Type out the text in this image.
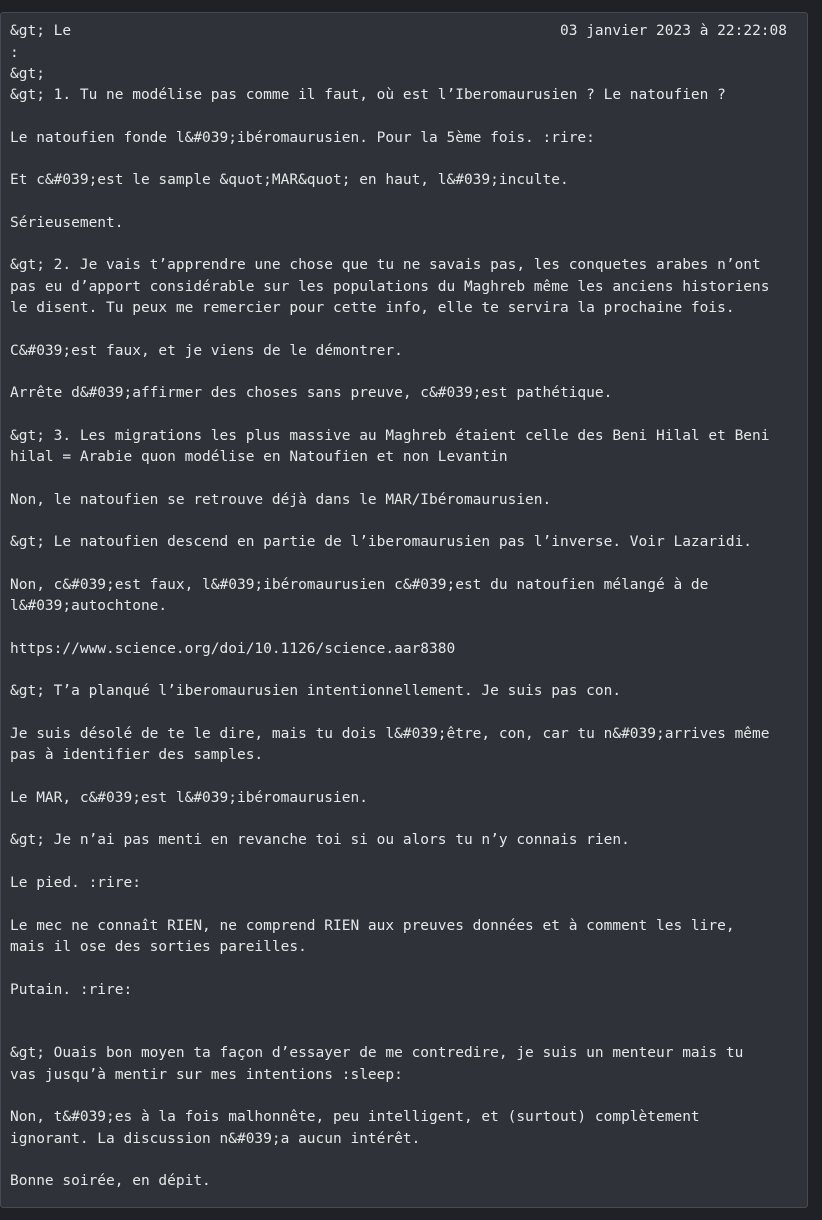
&gt; Le	03 janvier 2023 à 22:22:08
:
&gt;
&gt; 1. Tu ne modélise pas comme il faut, où est l’Iberomaurusien ? Le natoufien ?
Le natoufien fonde l&#039;ibéromaurusien. Pour la 5ème fois. :rire:
Et c&#039;est le sample &quot;MAR&quot; en haut, l&#039;inculte.
Sérieusement.
&gt; 2. Je vais t’apprendre une chose que tu ne savais pas, les conquetes arabes n’ont
pas eu d’apport considérable sur les populations du Maghreb même les anciens historiens
le disent. Tu peux me remercier pour cette info, elle te servira la prochaine fois.
C&#039;est faux, et je viens de le démontrer.
Arrête d&#039;affirmer des choses sans preuve, c&#039;est pathétique.
&gt; 3. Les migrations les plus massive au Maghreb étaient celle des Beni Hilal et Beni
hilal = Arabie quon modélise en Natoufien et non Levantin
Non, le natoufien se retrouve déjà dans le MAR/Ibéromaurusien.
&gt; Le natoufien descend en partie de l’iberomaurusien pas l’inverse. Voir Lazaridi.
Non, c&#039;est faux, l&#039;ibéromaurusien c&#039;est du natoufien mélangé à de
l&#039;autochtone.
https://www.science.org/doi/10.1126/science.aar8380
&gt; T’a planqué l’iberomaurusien intentionnellement. Je suis pas con.
Je suis désolé de te le dire, mais tu dois l&#039;être, con, car tu n&#039;arrives même
pas à identifier des samples.
Le MAR, c&#039;est l&#039;ibéromaurusien.
&gt; Je n’ai pas menti en revanche toi si ou alors tu n’y connais rien.
Le pied. :rire:
Le mec ne connaît RIEN, ne comprend RIEN aux preuves données et à comment les lire,
mais il ose des sorties pareilles.
Putain. :rire:
&gt; Ouais bon moyen ta façon d’essayer de me contredire, je suis un menteur mais tu
vas jusqu’à mentir sur mes intentions :sleep:
Non, t&#039;es à la fois malhonnête, peu intelligent, et (surtout) complètement
ignorant. La discussion n&#039;a aucun intérêt.
Bonne soirée, en dépit.
